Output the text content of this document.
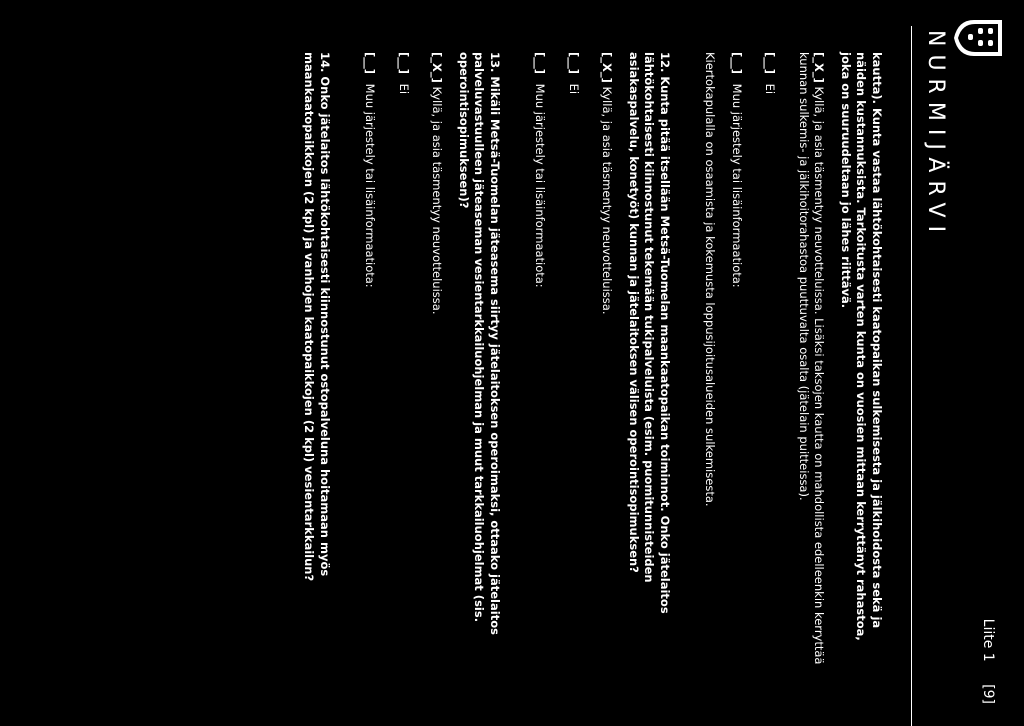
NURMIJÄRVI
Liite 1 [9]

kautta). Kunta vastaa lähtökohtaisesti kaatopaikan sulkemisesta ja jälkihoidosta sekä ja näiden kustannuksista. Tarkoitusta varten kunta on vuosien mittaan kerryttänyt rahastoa, joka on suuruudeltaan jo lähes riittävä.

[_X_] Kyllä, ja asia täsmentyy neuvotteluissa. Lisäksi taksojen kautta on mahdollista edelleenkin kerryttää kunnan sulkemis- ja jälkihoitorahastoa puuttuvalta osalta (jätelain puitteissa).

[__] Ei

[__] Muu järjestely tai lisäinformaatiota:

Kiertokapulalla on osaamista ja kokemusta loppusijoitusalueiden sulkemisesta.

12. Kunta pitää itsellään Metsä-Tuomelan maankaatopaikan toiminnot. Onko jätelaitos lähtökohtaisesti kiinnostunut tekemään tukipalveluista (esim. puomitunnisteiden asiakaspalvelu, konetyöt) kunnan ja jätelaitoksen välisen operointisopimuksen?

[_X_] Kyllä, ja asia täsmentyy neuvotteluissa.

[__] Ei

[__] Muu järjestely tai lisäinformaatiota:

13. Mikäli Metsä-Tuomelan jäteasema siirtyy jätelaitoksen operoimaksi, ottaako jätelaitos palveluvastuulleen jäteaseman vesientarkkailuohjelman ja muut tarkkailuohjelmat (sis. operointisopimukseen)?

[_X_] Kyllä, ja asia täsmentyy neuvotteluissa.

[__] Ei

[__] Muu järjestely tai lisäinformaatiota:

14. Onko jätelaitos lähtökohtaisesti kiinnostunut ostopalveluna hoitamaan myös maankaatopaikkojen (2 kpl) ja vanhojen kaatopaikkojen (2 kpl) vesientarkkailun?
